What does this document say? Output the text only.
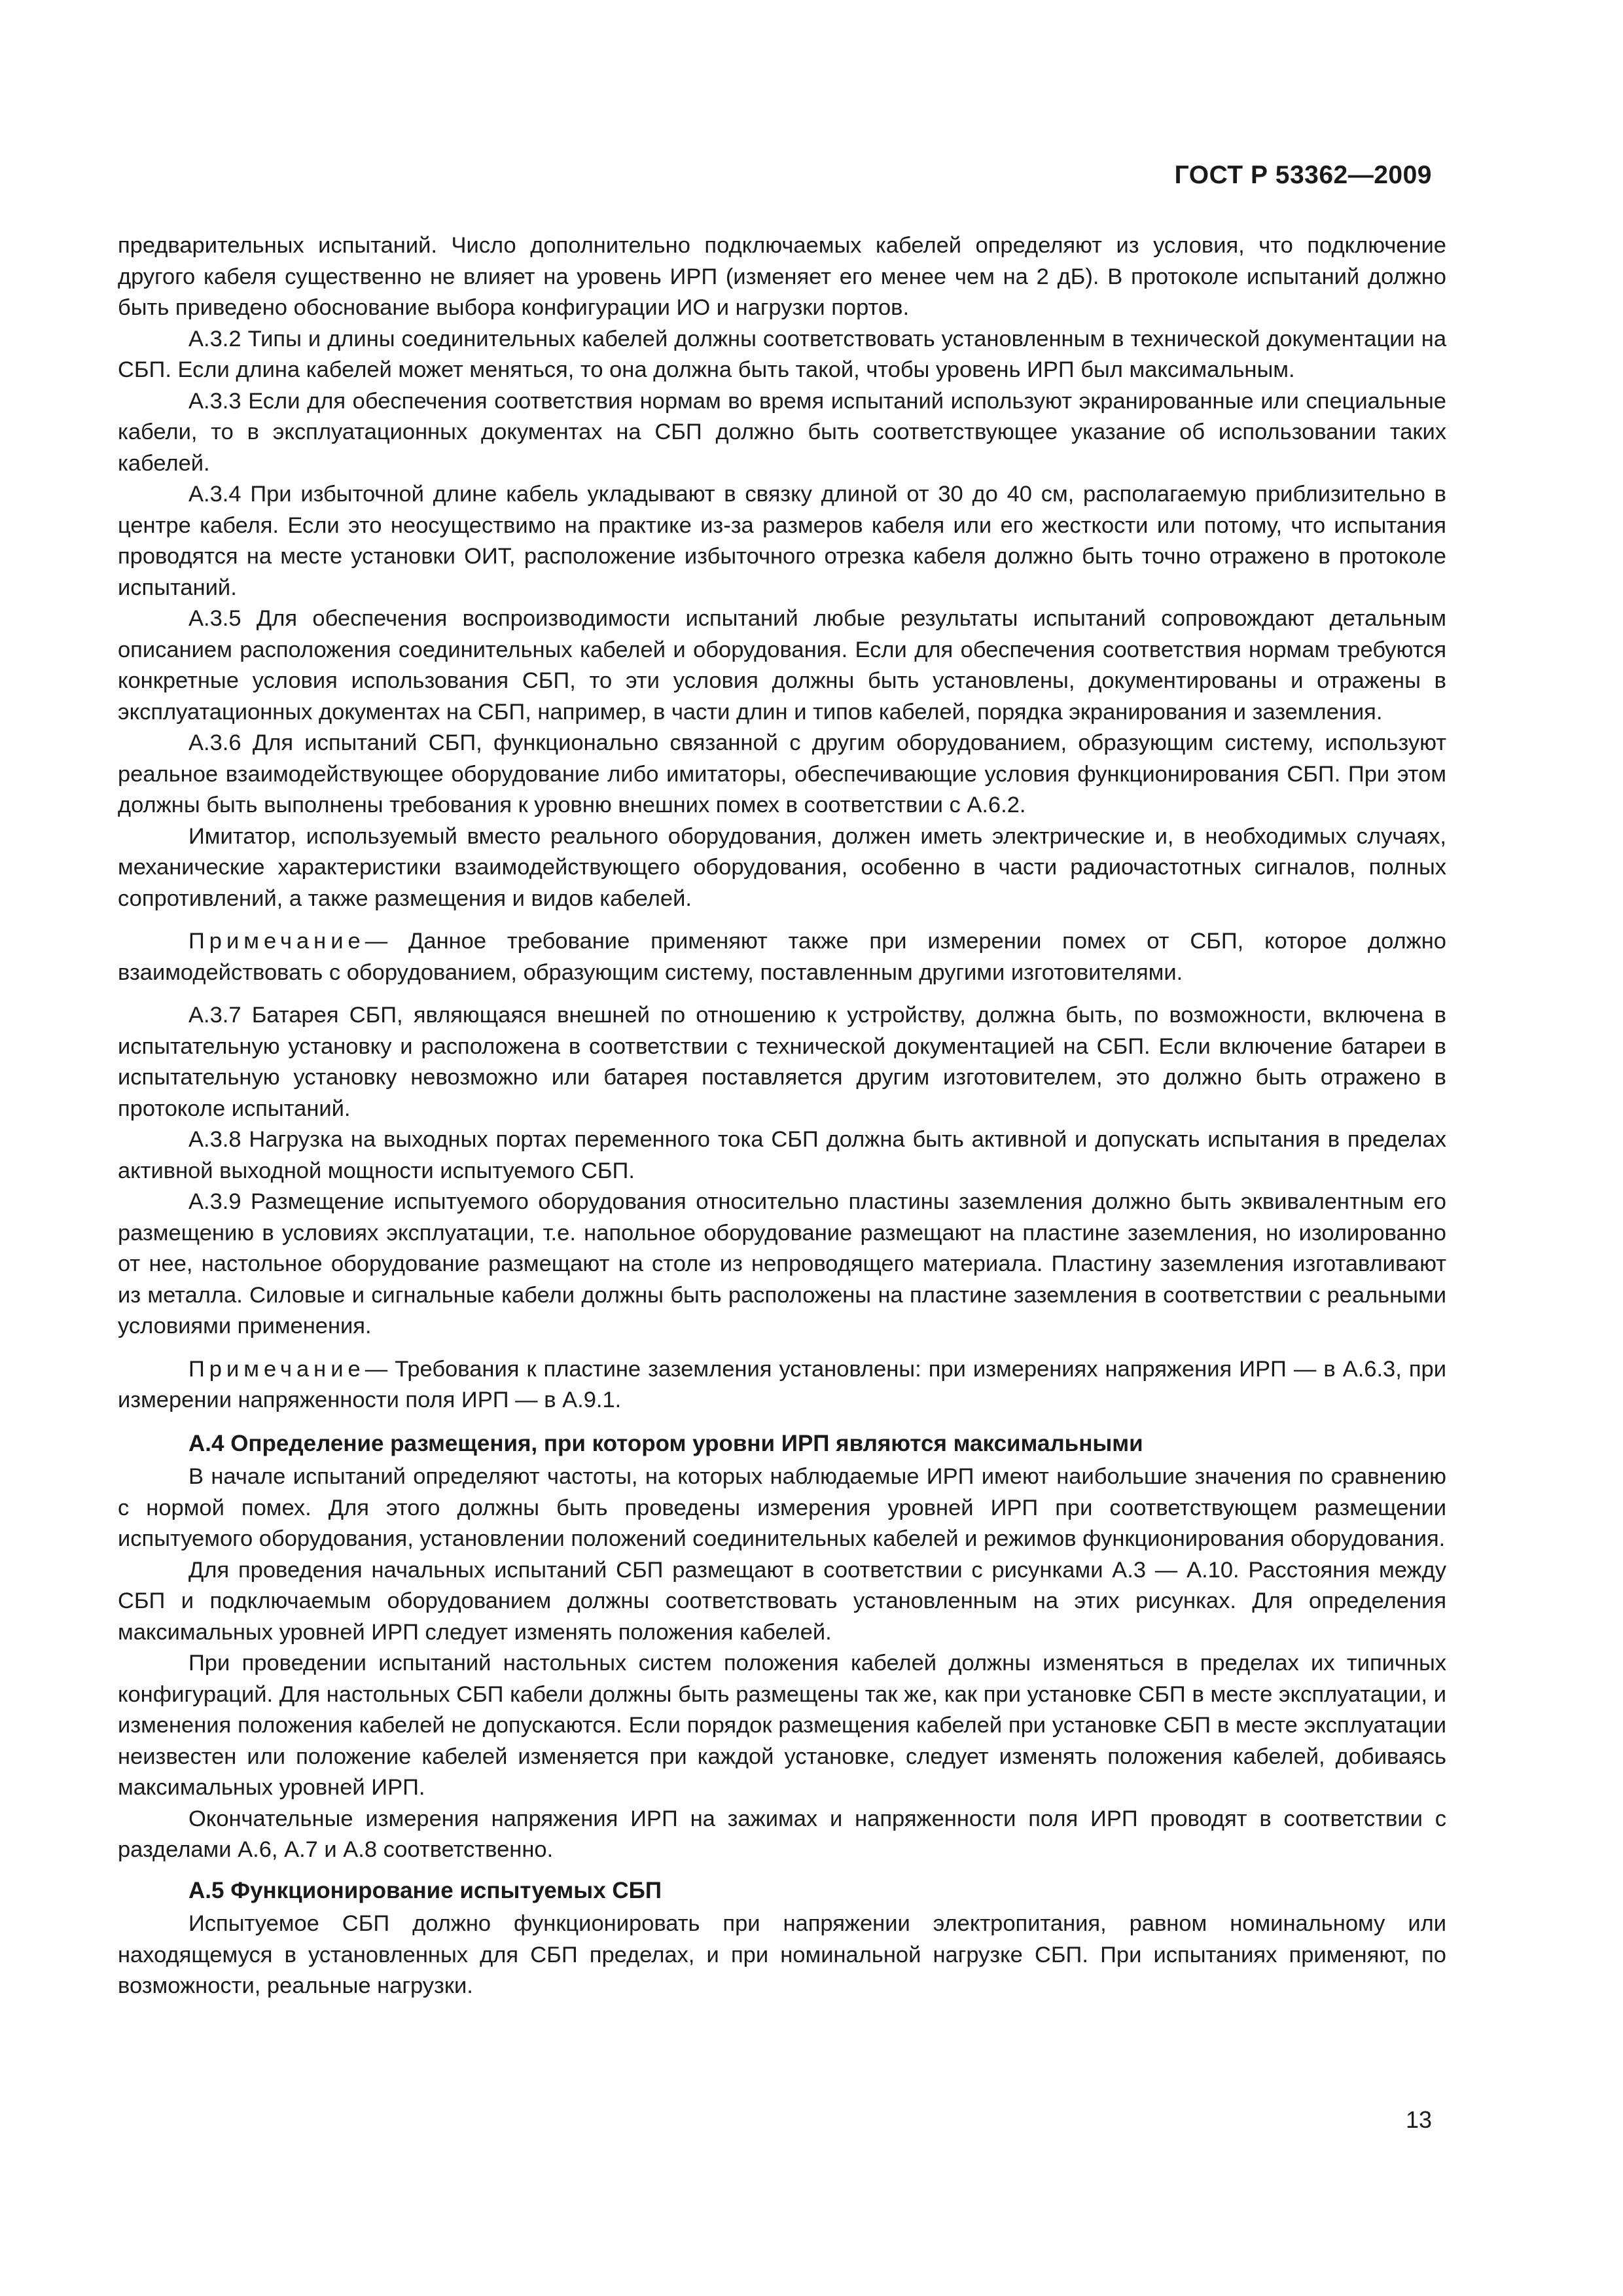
ГОСТ Р 53362—2009

предварительных испытаний. Число дополнительно подключаемых кабелей определяют из условия, что подключение другого кабеля существенно не влияет на уровень ИРП (изменяет его менее чем на 2 дБ). В протоколе испытаний должно быть приведено обоснование выбора конфигурации ИО и нагрузки портов.

А.3.2 Типы и длины соединительных кабелей должны соответствовать установленным в технической документации на СБП. Если длина кабелей может меняться, то она должна быть такой, чтобы уровень ИРП был максимальным.

А.3.3 Если для обеспечения соответствия нормам во время испытаний используют экранированные или специальные кабели, то в эксплуатационных документах на СБП должно быть соответствующее указание об использовании таких кабелей.

А.3.4 При избыточной длине кабель укладывают в связку длиной от 30 до 40 см, располагаемую приблизительно в центре кабеля. Если это неосуществимо на практике из-за размеров кабеля или его жесткости или потому, что испытания проводятся на месте установки ОИТ, расположение избыточного отрезка кабеля должно быть точно отражено в протоколе испытаний.

А.3.5 Для обеспечения воспроизводимости испытаний любые результаты испытаний сопровождают детальным описанием расположения соединительных кабелей и оборудования. Если для обеспечения соответствия нормам требуются конкретные условия использования СБП, то эти условия должны быть установлены, документированы и отражены в эксплуатационных документах на СБП, например, в части длин и типов кабелей, порядка экранирования и заземления.

А.3.6 Для испытаний СБП, функционально связанной с другим оборудованием, образующим систему, используют реальное взаимодействующее оборудование либо имитаторы, обеспечивающие условия функционирования СБП. При этом должны быть выполнены требования к уровню внешних помех в соответствии с А.6.2.

Имитатор, используемый вместо реального оборудования, должен иметь электрические и, в необходимых случаях, механические характеристики взаимодействующего оборудования, особенно в части радиочастотных сигналов, полных сопротивлений, а также размещения и видов кабелей.

Примечание— Данное требование применяют также при измерении помех от СБП, которое должно взаимодействовать с оборудованием, образующим систему, поставленным другими изготовителями.

А.3.7 Батарея СБП, являющаяся внешней по отношению к устройству, должна быть, по возможности, включена в испытательную установку и расположена в соответствии с технической документацией на СБП. Если включение батареи в испытательную установку невозможно или батарея поставляется другим изготовителем, это должно быть отражено в протоколе испытаний.

А.3.8 Нагрузка на выходных портах переменного тока СБП должна быть активной и допускать испытания в пределах активной выходной мощности испытуемого СБП.

А.3.9 Размещение испытуемого оборудования относительно пластины заземления должно быть эквивалентным его размещению в условиях эксплуатации, т.е. напольное оборудование размещают на пластине заземления, но изолированно от нее, настольное оборудование размещают на столе из непроводящего материала. Пластину заземления изготавливают из металла. Силовые и сигнальные кабели должны быть расположены на пластине заземления в соответствии с реальными условиями применения.

Примечание— Требования к пластине заземления установлены: при измерениях напряжения ИРП — в А.6.3, при измерении напряженности поля ИРП — в А.9.1.

А.4 Определение размещения, при котором уровни ИРП являются максимальными

В начале испытаний определяют частоты, на которых наблюдаемые ИРП имеют наибольшие значения по сравнению с нормой помех. Для этого должны быть проведены измерения уровней ИРП при соответствующем размещении испытуемого оборудования, установлении положений соединительных кабелей и режимов функционирования оборудования.

Для проведения начальных испытаний СБП размещают в соответствии с рисунками А.3 — А.10. Расстояния между СБП и подключаемым оборудованием должны соответствовать установленным на этих рисунках. Для определения максимальных уровней ИРП следует изменять положения кабелей.

При проведении испытаний настольных систем положения кабелей должны изменяться в пределах их типичных конфигураций. Для настольных СБП кабели должны быть размещены так же, как при установке СБП в месте эксплуатации, и изменения положения кабелей не допускаются. Если порядок размещения кабелей при установке СБП в месте эксплуатации неизвестен или положение кабелей изменяется при каждой установке, следует изменять положения кабелей, добиваясь максимальных уровней ИРП.

Окончательные измерения напряжения ИРП на зажимах и напряженности поля ИРП проводят в соответствии с разделами А.6, А.7 и А.8 соответственно.

А.5 Функционирование испытуемых СБП

Испытуемое СБП должно функционировать при напряжении электропитания, равном номинальному или находящемуся в установленных для СБП пределах, и при номинальной нагрузке СБП. При испытаниях применяют, по возможности, реальные нагрузки.

13
